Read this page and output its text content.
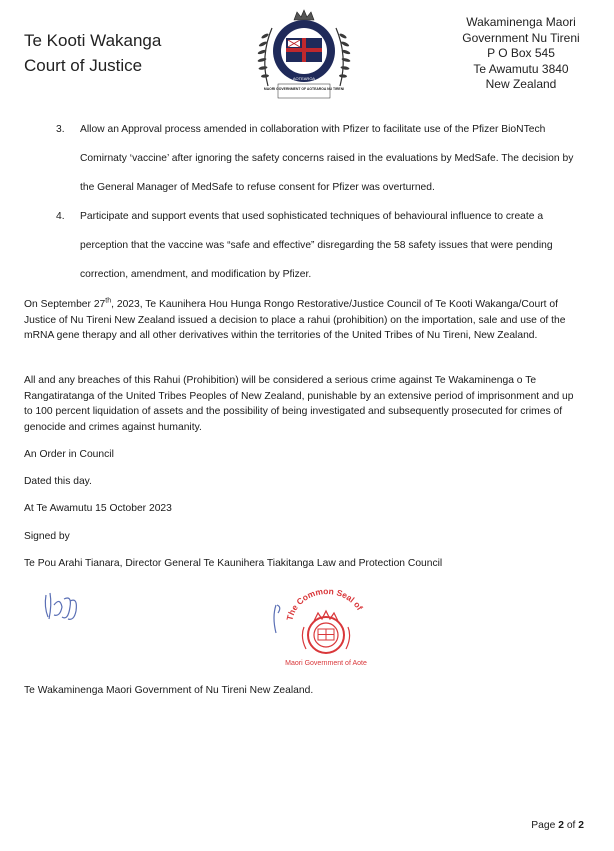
Te Kooti Wakanga
Court of Justice
AOTEAROA
MAORI GOVERNMENT OF AOTEAROA NU TIRENI
Wakaminenga Maori
Government Nu Tireni
P O Box 545
Te Awamutu 3840
New Zealand
3. Allow an Approval process amended in collaboration with Pfizer to facilitate use of the Pfizer BioNTech Comirnaty ‘vaccine’ after ignoring the safety concerns raised in the evaluations by MedSafe. The decision by the General Manager of MedSafe to refuse consent for Pfizer was overturned.
4. Participate and support events that used sophisticated techniques of behavioural influence to create a perception that the vaccine was “safe and effective” disregarding the 58 safety issues that were pending correction, amendment, and modification by Pfizer.
On September 27th, 2023, Te Kaunihera Hou Hunga Rongo Restorative/Justice Council of Te Kooti Wakanga/Court of Justice of Nu Tireni New Zealand issued a decision to place a rahui (prohibition) on the importation, sale and use of the mRNA gene therapy and all other derivatives within the territories of the United Tribes of Nu Tireni, New Zealand.
All and any breaches of this Rahui (Prohibition) will be considered a serious crime against Te Wakaminenga o Te Rangatiratanga of the United Tribes Peoples of New Zealand, punishable by an extensive period of imprisonment and up to 100 percent liquidation of assets and the possibility of being investigated and subsequently prosecuted for crimes of genocide and crimes against humanity.
An Order in Council
Dated this day.
At Te Awamutu 15 October 2023
Signed by
Te Pou Arahi Tianara, Director General Te Kaunihera Tiakitanga Law and Protection Council
The Common Seal of
Maori Government of Aote
Te Wakaminenga Maori Government of Nu Tireni New Zealand.
Page 2 of 2
